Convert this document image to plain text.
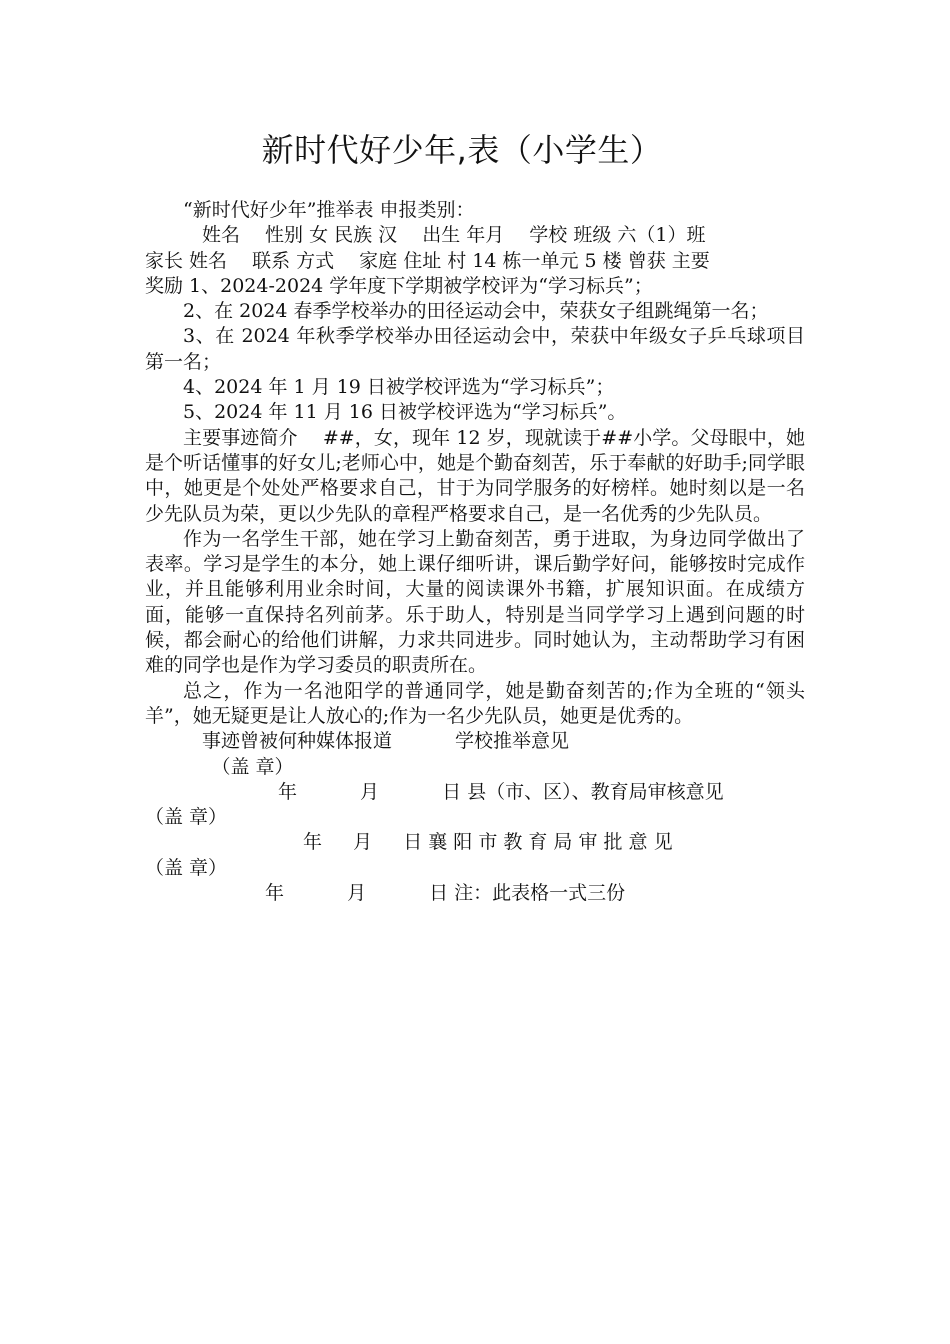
新时代好少年,表（小学生）
　　“新时代好少年”推举表 申报类别：
　　　姓名 　性别 女 民族 汉 　出生 年月 　学校 班级 六（1）班
家长 姓名 　联系 方式 　家庭 住址 村 14 栋一单元 5 楼 曾获 主要
奖励 1、2024-2024 学年度下学期被学校评为“学习标兵”；

2、在 2024 春季学校举办的田径运动会中，荣获女子组跳绳第一名；

3、在 2024 年秋季学校举办田径运动会中，荣获中年级女子乒乓球项目第一名；

4、2024 年 1 月 19 日被学校评选为“学习标兵”；

5、2024 年 11 月 16 日被学校评选为“学习标兵”。

主要事迹简介 　##，女，现年 12 岁，现就读于##小学。父母眼中，她是个听话懂事的好女儿;老师心中，她是个勤奋刻苦，乐于奉献的好助手;同学眼中，她更是个处处严格要求自己，甘于为同学服务的好榜样。她时刻以是一名少先队员为荣，更以少先队的章程严格要求自己，是一名优秀的少先队员。

作为一名学生干部，她在学习上勤奋刻苦，勇于进取，为身边同学做出了表率。学习是学生的本分，她上课仔细听讲，课后勤学好问，能够按时完成作业，并且能够利用业余时间，大量的阅读课外书籍，扩展知识面。在成绩方面，能够一直保持名列前茅。乐于助人，特别是当同学学习上遇到问题的时候，都会耐心的给他们讲解，力求共同进步。同时她认为，主动帮助学习有困难的同学也是作为学习委员的职责所在。

总之，作为一名池阳学的普通同学，她是勤奋刻苦的;作为全班的“领头羊”，她无疑更是让人放心的;作为一名少先队员，她更是优秀的。

　　　事迹曾被何种媒体报道 　　　学校推举意见
　　　　（盖 章）
　　　　　　　年 　　　月 　　　日 县（市、区）、教育局审核意见
（盖 章）
　　　　　　　　 年 　 月 　 日 襄 阳 市 教 育 局 审 批 意 见
（盖 章）
　　　　　　 年 　　　月 　　　日 注：此表格一式三份
